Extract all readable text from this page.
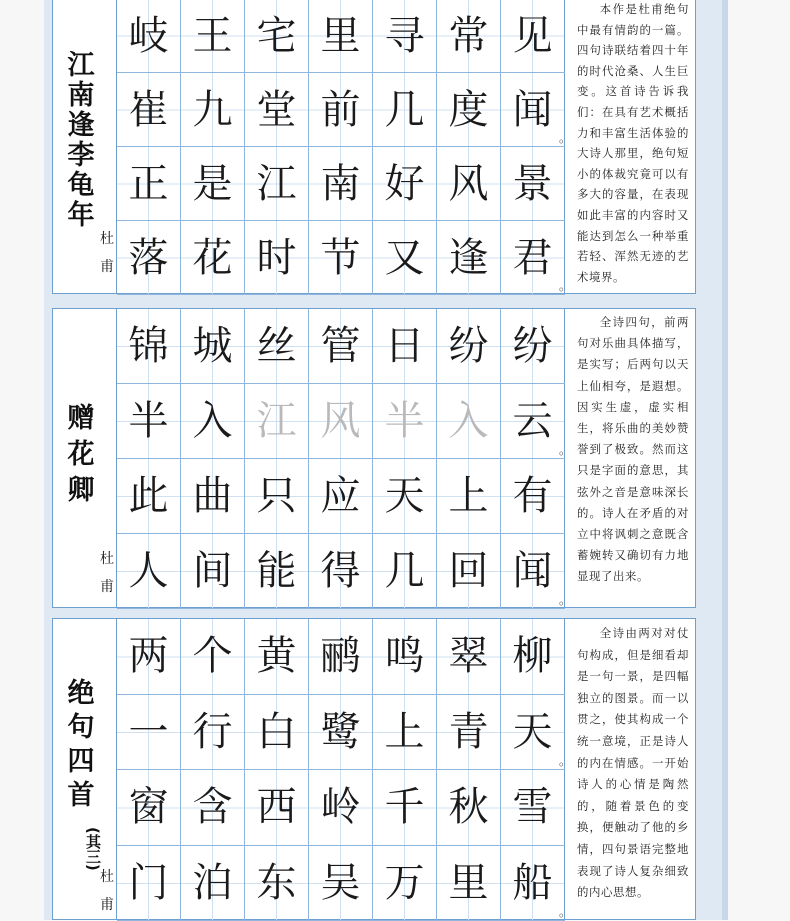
江
南
逢
李
龟
年
杜
甫
岐 王 宅 里 寻 常 见
崔 九 堂 前 几 度 闻
。
正 是 江 南 好 风 景
落 花 时 节 又 逢 君
。
本作是杜甫绝句中最有情韵的一篇。四句诗联结着四十年的时代沧桑、人生巨变。这首诗告诉我们：在具有艺术概括力和丰富生活体验的大诗人那里，绝句短小的体裁究竟可以有多大的容量，在表现如此丰富的内容时又能达到怎么一种举重若轻、浑然无迹的艺术境界。
赠
花
卿
杜
甫
锦 城 丝 管 日 纷 纷
半 入 江 风 半 入 云
。
此 曲 只 应 天 上 有
人 间 能 得 几 回 闻
。
全诗四句，前两句对乐曲具体描写，是实写；后两句以天上仙相夸，是遐想。因实生虚，虚实相生，将乐曲的美妙赞誉到了极致。然而这只是字面的意思，其弦外之音是意味深长的。诗人在矛盾的对立中将讽刺之意既含蓄婉转又确切有力地显现了出来。
绝
句
四
首
(其三)
杜
甫
两 个 黄 鹂 鸣 翠 柳
一 行 白 鹭 上 青 天
。
窗 含 西 岭 千 秋 雪
门 泊 东 吴 万 里 船
。
全诗由两对对仗句构成，但是细看却是一句一景，是四幅独立的图景。而一以贯之，使其构成一个统一意境，正是诗人的内在情感。一开始诗人的心情是陶然的，随着景色的变换，便触动了他的乡情，四句景语完整地表现了诗人复杂细致的内心思想。
